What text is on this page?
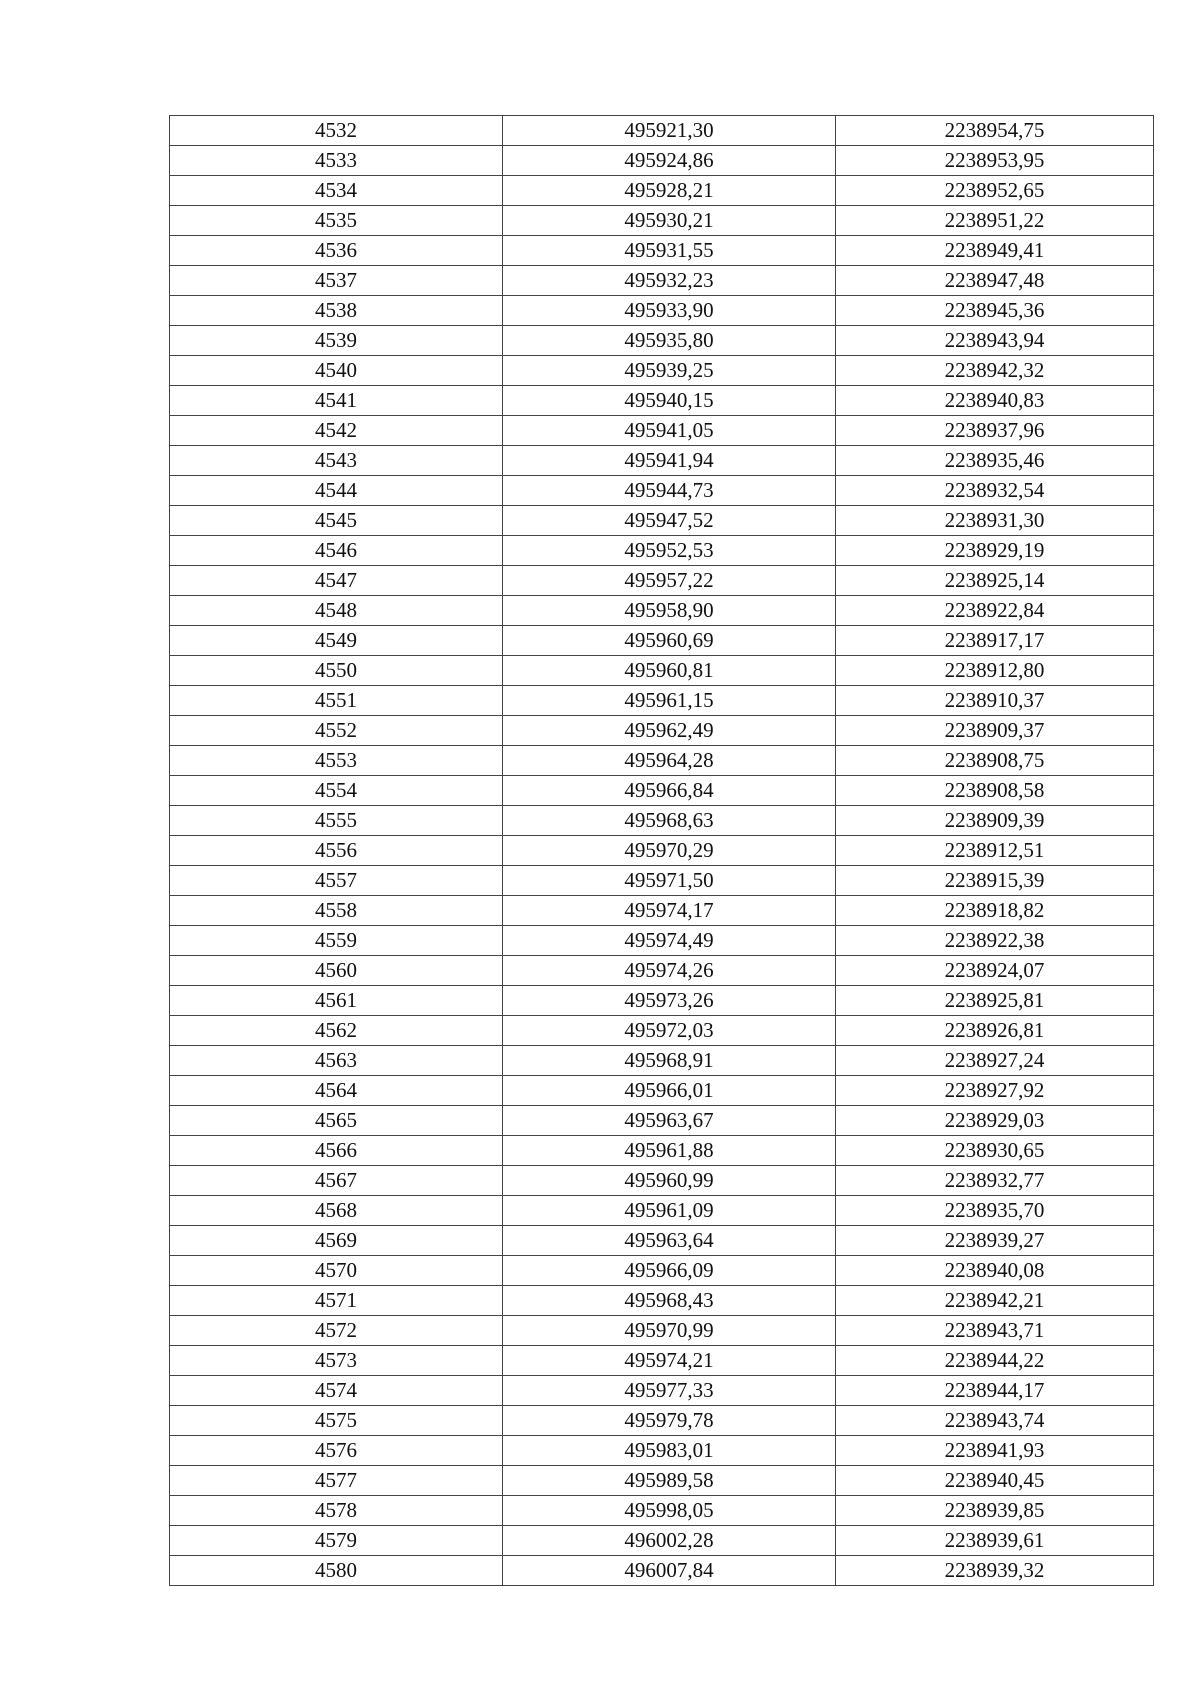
4532	495921,30	2238954,75
4533	495924,86	2238953,95
4534	495928,21	2238952,65
4535	495930,21	2238951,22
4536	495931,55	2238949,41
4537	495932,23	2238947,48
4538	495933,90	2238945,36
4539	495935,80	2238943,94
4540	495939,25	2238942,32
4541	495940,15	2238940,83
4542	495941,05	2238937,96
4543	495941,94	2238935,46
4544	495944,73	2238932,54
4545	495947,52	2238931,30
4546	495952,53	2238929,19
4547	495957,22	2238925,14
4548	495958,90	2238922,84
4549	495960,69	2238917,17
4550	495960,81	2238912,80
4551	495961,15	2238910,37
4552	495962,49	2238909,37
4553	495964,28	2238908,75
4554	495966,84	2238908,58
4555	495968,63	2238909,39
4556	495970,29	2238912,51
4557	495971,50	2238915,39
4558	495974,17	2238918,82
4559	495974,49	2238922,38
4560	495974,26	2238924,07
4561	495973,26	2238925,81
4562	495972,03	2238926,81
4563	495968,91	2238927,24
4564	495966,01	2238927,92
4565	495963,67	2238929,03
4566	495961,88	2238930,65
4567	495960,99	2238932,77
4568	495961,09	2238935,70
4569	495963,64	2238939,27
4570	495966,09	2238940,08
4571	495968,43	2238942,21
4572	495970,99	2238943,71
4573	495974,21	2238944,22
4574	495977,33	2238944,17
4575	495979,78	2238943,74
4576	495983,01	2238941,93
4577	495989,58	2238940,45
4578	495998,05	2238939,85
4579	496002,28	2238939,61
4580	496007,84	2238939,32
